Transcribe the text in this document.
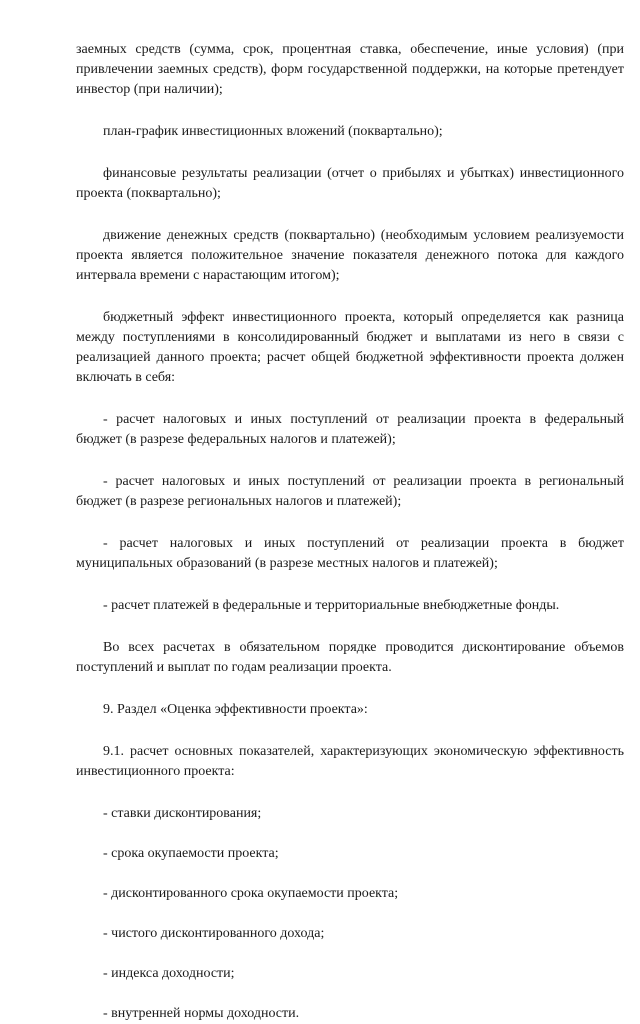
заемных средств (сумма, срок, процентная ставка, обеспечение, иные условия) (при привлечении заемных средств), форм государственной поддержки, на которые претендует инвестор (при наличии);

план-график инвестиционных вложений (поквартально);

финансовые результаты реализации (отчет о прибылях и убытках) инвестиционного проекта (поквартально);

движение денежных средств (поквартально) (необходимым условием реализуемости проекта является положительное значение показателя денежного потока для каждого интервала времени с нарастающим итогом);

бюджетный эффект инвестиционного проекта, который определяется как разница между поступлениями в консолидированный бюджет и выплатами из него в связи с реализацией данного проекта; расчет общей бюджетной эффективности проекта должен включать в себя:

- расчет налоговых и иных поступлений от реализации проекта в федеральный бюджет (в разрезе федеральных налогов и платежей);

- расчет налоговых и иных поступлений от реализации проекта в региональный бюджет (в разрезе региональных налогов и платежей);

- расчет налоговых и иных поступлений от реализации проекта в бюджет муниципальных образований (в разрезе местных налогов и платежей);

- расчет платежей в федеральные и территориальные внебюджетные фонды.

Во всех расчетах в обязательном порядке проводится дисконтирование объемов поступлений и выплат по годам реализации проекта.

9. Раздел «Оценка эффективности проекта»:

9.1. расчет основных показателей, характеризующих экономическую эффективность инвестиционного проекта:

- ставки дисконтирования;

- срока окупаемости проекта;

- дисконтированного срока окупаемости проекта;

- чистого дисконтированного дохода;

- индекса доходности;

- внутренней нормы доходности.
